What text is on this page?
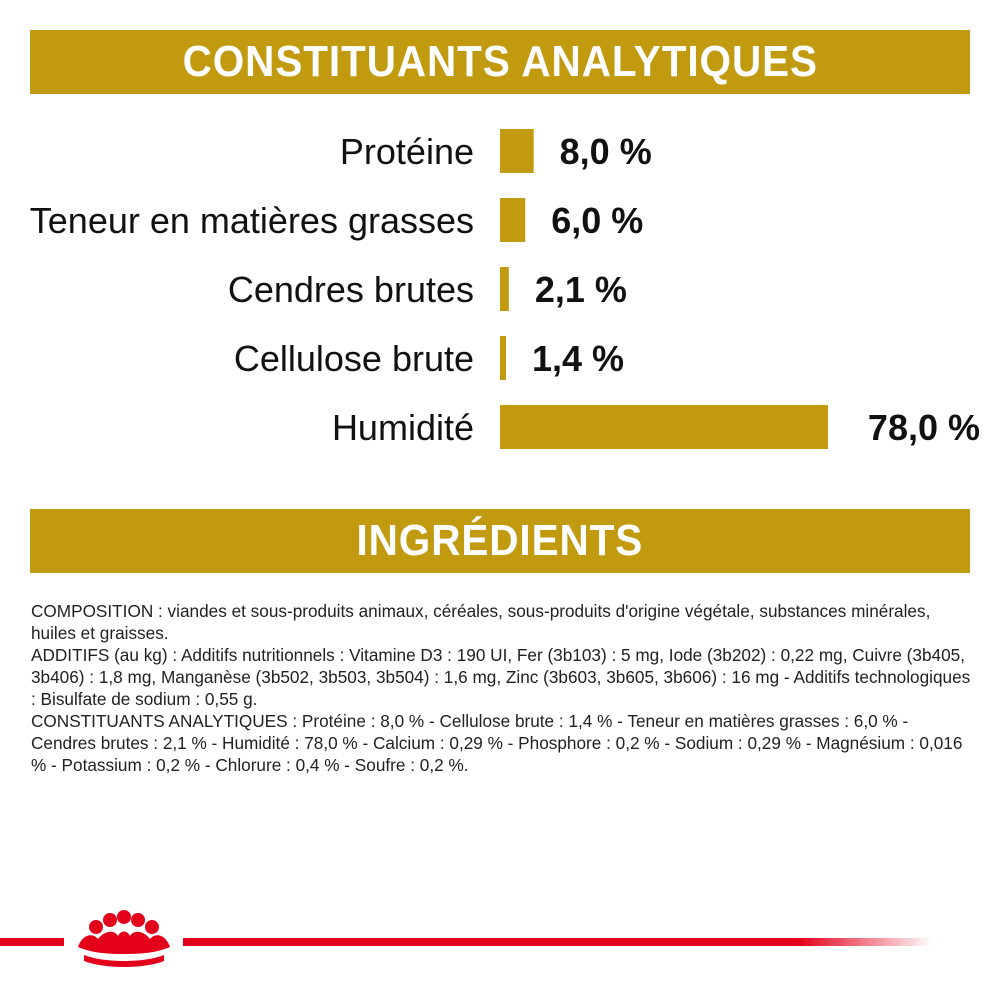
CONSTITUANTS ANALYTIQUES
Protéine 8,0 %
Teneur en matières grasses 6,0 %
Cendres brutes 2,1 %
Cellulose brute 1,4 %
Humidité	78,0 %
INGRÉDIENTS

COMPOSITION : viandes et sous-produits animaux, céréales, sous-produits d'origine végétale, substances minérales, huiles et graisses.

ADDITIFS (au kg) : Additifs nutritionnels : Vitamine D3 : 190 UI, Fer (3b103) : 5 mg, Iode (3b202) : 0,22 mg, Cuivre (3b405, 3b406) : 1,8 mg, Manganèse (3b502, 3b503, 3b504) : 1,6 mg, Zinc (3b603, 3b605, 3b606) : 16 mg - Additifs technologiques : Bisulfate de sodium : 0,55 g.

CONSTITUANTS ANALYTIQUES : Protéine : 8,0 % - Cellulose brute : 1,4 % - Teneur en matières grasses : 6,0 % - Cendres brutes : 2,1 % - Humidité : 78,0 % - Calcium : 0,29 % - Phosphore : 0,2 % - Sodium : 0,29 % - Magnésium : 0,016 % - Potassium : 0,2 % - Chlorure : 0,4 % - Soufre : 0,2 %.
